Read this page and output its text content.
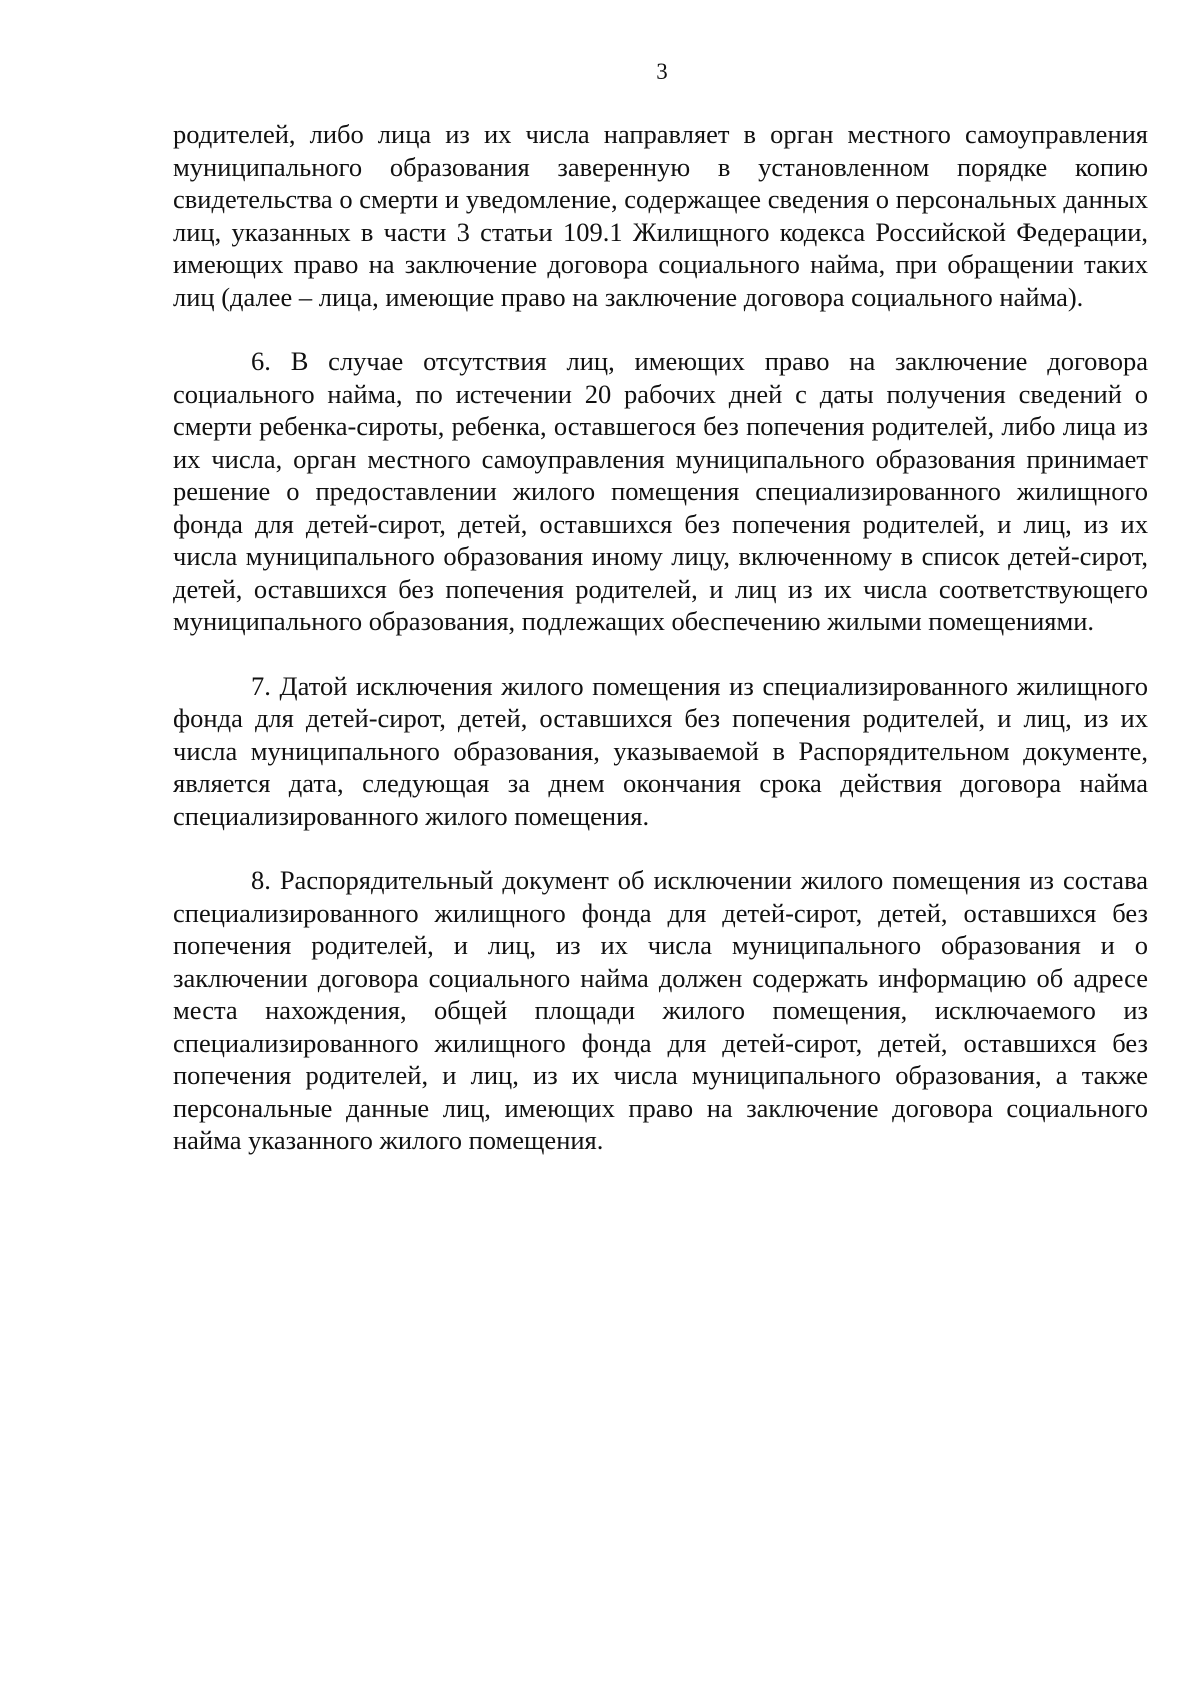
3

родителей, либо лица из их числа направляет в орган местного самоуправления муниципального образования заверенную в установленном порядке копию свидетельства о смерти и уведомление, содержащее сведения о персональных данных лиц, указанных в части 3 статьи 109.1 Жилищного кодекса Российской Федерации, имеющих право на заключение договора социального найма, при обращении таких лиц (далее – лица, имеющие право на заключение договора социального найма).

6. В случае отсутствия лиц, имеющих право на заключение договора социального найма, по истечении 20 рабочих дней с даты получения сведений о смерти ребенка-сироты, ребенка, оставшегося без попечения родителей, либо лица из их числа, орган местного самоуправления муниципального образования принимает решение о предоставлении жилого помещения специализированного жилищного фонда для детей-сирот, детей, оставшихся без попечения родителей, и лиц, из их числа муниципального образования иному лицу, включенному в список детей-сирот, детей, оставшихся без попечения родителей, и лиц из их числа соответствующего муниципального образования, подлежащих обеспечению жилыми помещениями.

7. Датой исключения жилого помещения из специализированного жилищного фонда для детей-сирот, детей, оставшихся без попечения родителей, и лиц, из их числа муниципального образования, указываемой в Распорядительном документе, является дата, следующая за днем окончания срока действия договора найма специализированного жилого помещения.

8. Распорядительный документ об исключении жилого помещения из состава специализированного жилищного фонда для детей-сирот, детей, оставшихся без попечения родителей, и лиц, из их числа муниципального образования и о заключении договора социального найма должен содержать информацию об адресе места нахождения, общей площади жилого помещения, исключаемого из специализированного жилищного фонда для детей-сирот, детей, оставшихся без попечения родителей, и лиц, из их числа муниципального образования, а также персональные данные лиц, имеющих право на заключение договора социального найма указанного жилого помещения.
